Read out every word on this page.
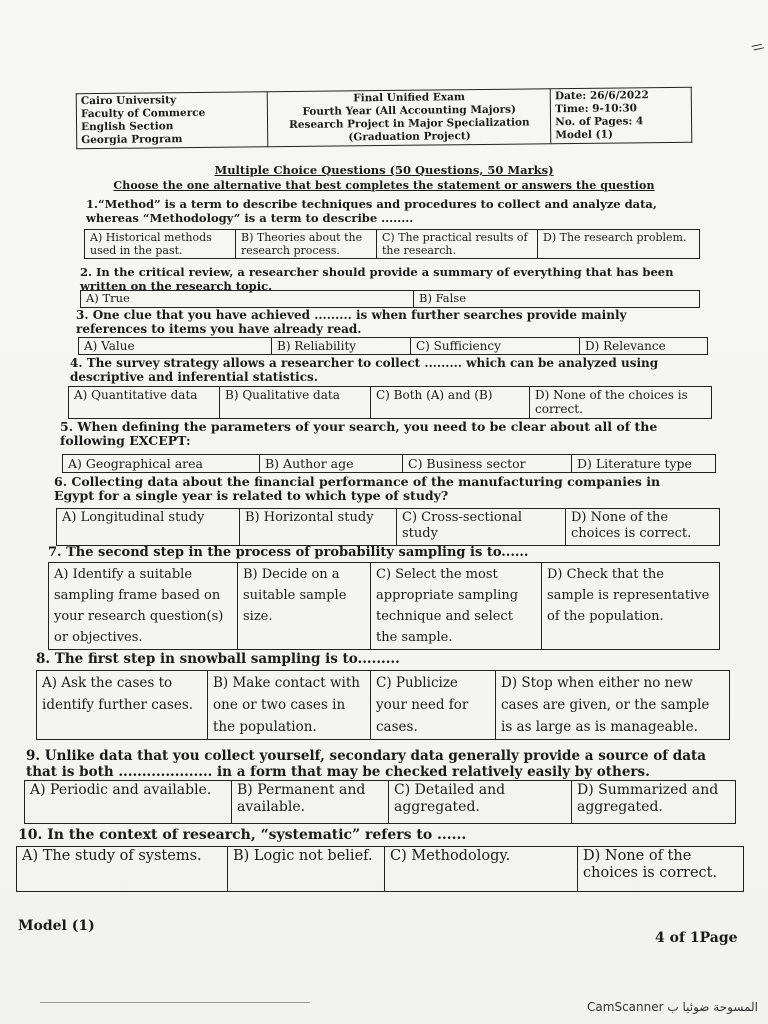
//
Cairo University
Faculty of Commerce
English Section
Georgia Program

Final Unified Exam
Fourth Year (All Accounting Majors)
Research Project in Major Specialization
(Graduation Project)

Date: 26/6/2022
Time: 9-10:30
No. of Pages: 4
Model (1)
Multiple Choice Questions (50 Questions, 50 Marks)
Choose the one alternative that best completes the statement or answers the question
1.“Method” is a term to describe techniques and procedures to collect and analyze data,
whereas “Methodology” is a term to describe ........
A) Historical methods used in the past.	B) Theories about the research process.	C) The practical results of the research.	D) The research problem.
2. In the critical review, a researcher should provide a summary of everything that has been
written on the research topic.
A) True	B) False
3. One clue that you have achieved ......... is when further searches provide mainly
references to items you have already read.
A) Value	B) Reliability	C) Sufficiency	D) Relevance
4. The survey strategy allows a researcher to collect ......... which can be analyzed using
descriptive and inferential statistics.
A) Quantitative data	B) Qualitative data	C) Both (A) and (B)	D) None of the choices is correct.
5. When defining the parameters of your search, you need to be clear about all of the
following EXCEPT:
A) Geographical area	B) Author age	C) Business sector	D) Literature type
6. Collecting data about the financial performance of the manufacturing companies in
Egypt for a single year is related to which type of study?
A) Longitudinal study	B) Horizontal study	C) Cross-sectional study	D) None of the choices is correct.
7. The second step in the process of probability sampling is to......
A) Identify a suitable sampling frame based on your research question(s) or objectives.	B) Decide on a suitable sample size.	C) Select the most appropriate sampling technique and select the sample.	D) Check that the sample is representative of the population.
8. The first step in snowball sampling is to.........
A) Ask the cases to identify further cases.	B) Make contact with one or two cases in the population.	C) Publicize your need for cases.	D) Stop when either no new cases are given, or the sample is as large as is manageable.
9. Unlike data that you collect yourself, secondary data generally provide a source of data
that is both .................... in a form that may be checked relatively easily by others.
A) Periodic and available.	B) Permanent and available.	C) Detailed and aggregated.	D) Summarized and aggregated.
10. In the context of research, “systematic” refers to ......
A) The study of systems.	B) Logic not belief.	C) Methodology.	D) None of the choices is correct.
Model (1)
4 of 1Page
CamScanner المسوحة ضوئيا ب
